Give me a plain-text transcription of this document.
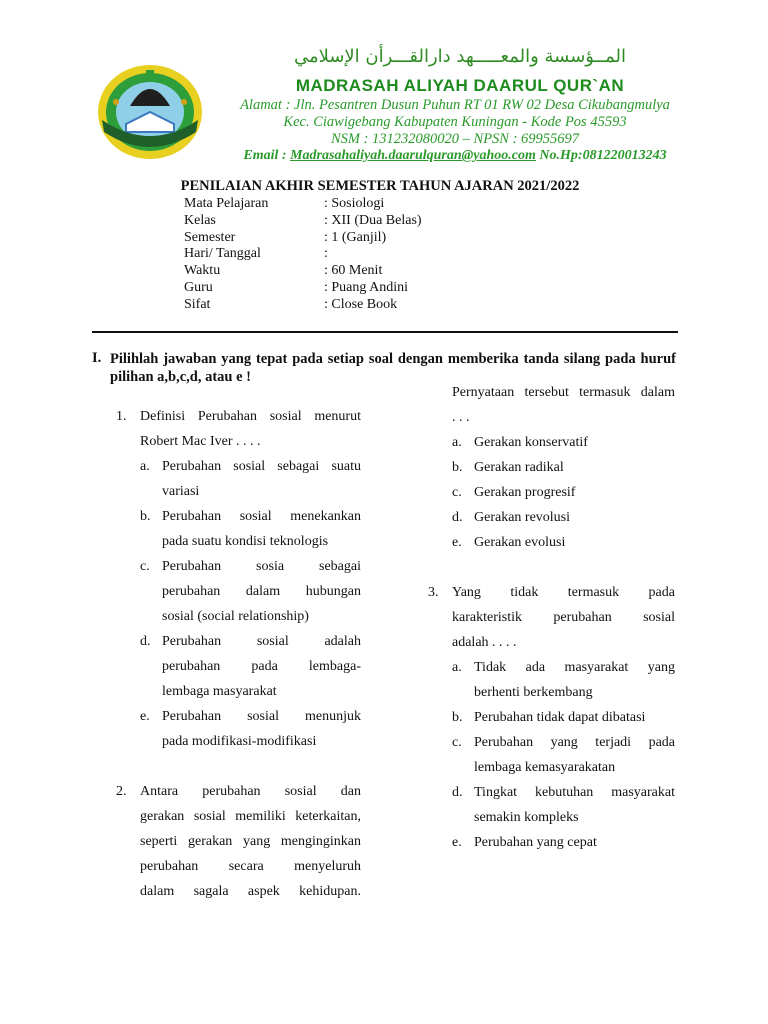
المــؤسسة والمعـــــهد دارالقـــرأن الإسلامي
MADRASAH ALIYAH DAARUL QUR`AN
Alamat : Jln. Pesantren Dusun Puhun RT 01 RW 02 Desa Cikubangmulya
Kec. Ciawigebang Kabupaten Kuningan - Kode Pos 45593
NSM : 131232080020 – NPSN : 69955697
Email : Madrasahaliyah.daarulquran@yahoo.com No.Hp:081220013243
PENILAIAN AKHIR SEMESTER TAHUN AJARAN 2021/2022
Mata Pelajaran	: Sosiologi
Kelas	: XII (Dua Belas)
Semester	: 1 (Ganjil)
Hari/ Tanggal	:
Waktu	: 60 Menit
Guru	: Puang Andini
Sifat	: Close Book
I. Pilihlah jawaban yang tepat pada setiap soal dengan memberika tanda silang pada huruf pilihan a,b,c,d, atau e !
1. Definisi Perubahan sosial menurut
Robert Mac Iver . . . .
a. Perubahan sosial sebagai suatu
variasi
b. Perubahan sosial menekankan
pada suatu kondisi teknologis
c. Perubahan sosia sebagai
perubahan dalam hubungan
sosial (social relationship)
d. Perubahan sosial adalah
perubahan pada lembaga-
lembaga masyarakat
e. Perubahan sosial menunjuk
pada modifikasi-modifikasi
2. Antara perubahan sosial dan
gerakan sosial memiliki keterkaitan,
seperti gerakan yang menginginkan
perubahan secara menyeluruh
dalam sagala aspek kehidupan.
Pernyataan tersebut termasuk dalam
. . .
a. Gerakan konservatif
b. Gerakan radikal
c. Gerakan progresif
d. Gerakan revolusi
e. Gerakan evolusi
3. Yang tidak termasuk pada
karakteristik perubahan sosial
adalah . . . .
a. Tidak ada masyarakat yang
berhenti berkembang
b. Perubahan tidak dapat dibatasi
c. Perubahan yang terjadi pada
lembaga kemasyarakatan
d. Tingkat kebutuhan masyarakat
semakin kompleks
e. Perubahan yang cepat
